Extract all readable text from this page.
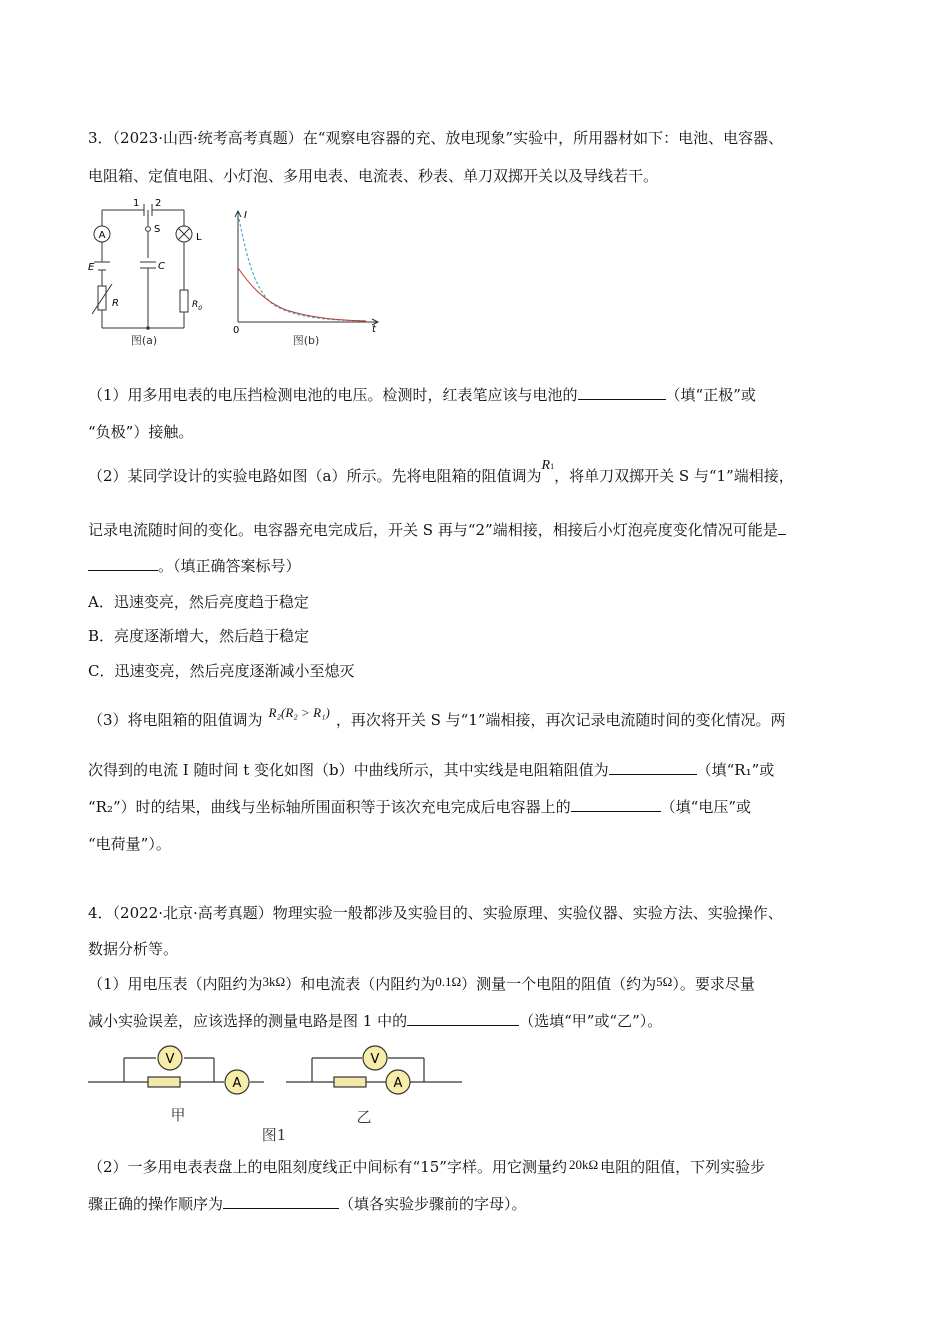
3．（2023·山西·统考高考真题）在“观察电容器的充、放电现象”实验中，所用器材如下：电池、电容器、
电阻箱、定值电阻、小灯泡、多用电表、电流表、秒表、单刀双掷开关以及导线若干。
A
1 2
S
L
E	C
R	$R_0$
图(a)
I
t
0
图(b)
（1）用多用电表的电压挡检测电池的电压。检测时，红表笔应该与电池的	（填“正极”或
“负极”）接触。
（2）某同学设计的实验电路如图（a）所示。先将电阻箱的阻值调为R1，将单刀双掷开关 S 与“1”端相接，
记录电流随时间的变化。电容器充电完成后，开关 S 再与“2”端相接，相接后小灯泡亮度变化情况可能是
。（填正确答案标号）
A．迅速变亮，然后亮度趋于稳定
B．亮度逐渐增大，然后趋于稳定
C．迅速变亮，然后亮度逐渐减小至熄灭
（3）将电阻箱的阻值调为 R₂(R₂ > R₁) ，再次将开关 S 与“1”端相接，再次记录电流随时间的变化情况。两
次得到的电流 I 随时间 t 变化如图（b）中曲线所示，其中实线是电阻箱阻值为	（填“R₁”或
“R₂”）时的结果，曲线与坐标轴所围面积等于该次充电完成后电容器上的	（填“电压”或
“电荷量”）。
4．（2022·北京·高考真题）物理实验一般都涉及实验目的、实验原理、实验仪器、实验方法、实验操作、
数据分析等。
（1）用电压表（内阻约为3kΩ）和电流表（内阻约为0.1Ω）测量一个电阻的阻值（约为5Ω）。要求尽量
减小实验误差，应该选择的测量电路是图 1 中的	（选填“甲”或“乙”）。
V
A
甲
V
A
乙
图1
（2）一多用电表表盘上的电阻刻度线正中间标有“15”字样。用它测量约 20kΩ 电阻的阻值，下列实验步
骤正确的操作顺序为	（填各实验步骤前的字母）。
